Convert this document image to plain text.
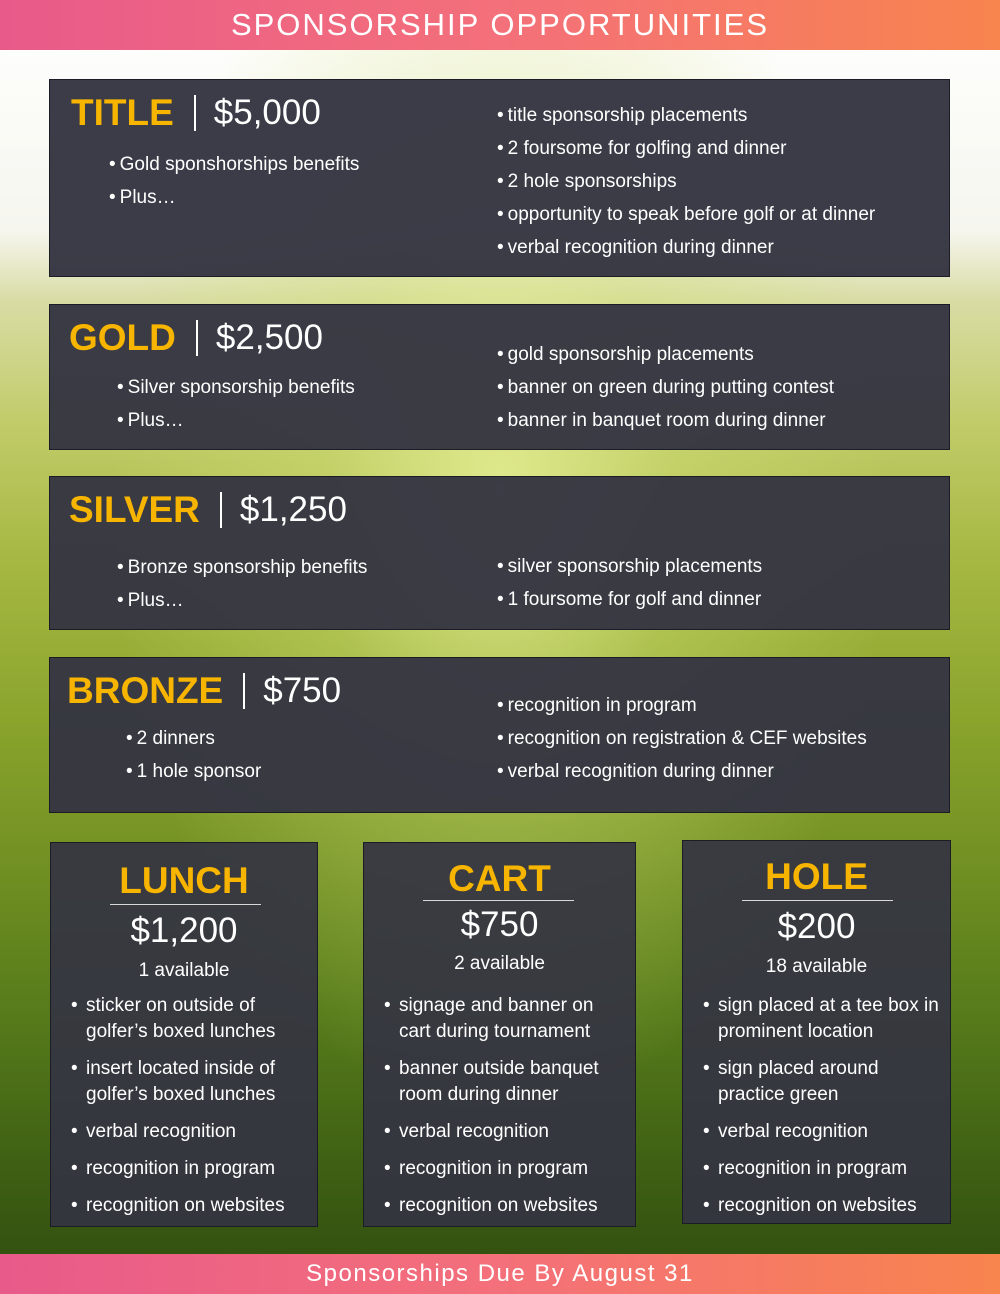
SPONSORSHIP OPPORTUNITIES
TITLE $5,000
• Gold sponshorships benefits
• Plus…
• title sponsorship placements
• 2 foursome for golfing and dinner
• 2 hole sponsorships
• opportunity to speak before golf or at dinner
• verbal recognition during dinner
GOLD $2,500
• Silver sponsorship benefits
• Plus…
• gold sponsorship placements
• banner on green during putting contest
• banner in banquet room during dinner
SILVER $1,250
• Bronze sponsorship benefits
• Plus…
• silver sponsorship placements
• 1 foursome for golf and dinner
BRONZE $750
• 2 dinners
• 1 hole sponsor
• recognition in program
• recognition on registration & CEF websites
• verbal recognition during dinner
LUNCH
$1,200
1 available
• sticker on outside of golfer’s boxed lunches
• insert located inside of golfer’s boxed lunches
• verbal recognition
• recognition in program
• recognition on websites
CART
$750
2 available
• signage and banner on cart during tournament
• banner outside banquet room during dinner
• verbal recognition
• recognition in program
• recognition on websites
HOLE
$200
18 available
• sign placed at a tee box in prominent location
• sign placed around practice green
• verbal recognition
• recognition in program
• recognition on websites
Sponsorships Due By August 31
